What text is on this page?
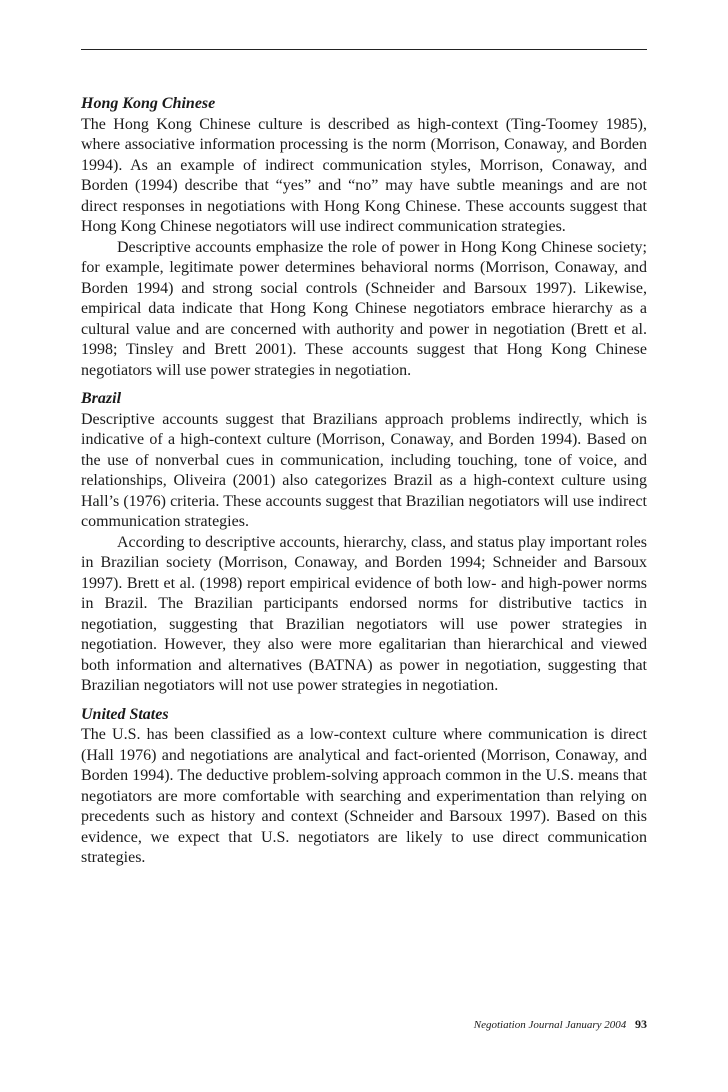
Hong Kong Chinese

The Hong Kong Chinese culture is described as high-context (Ting-Toomey 1985), where associative information processing is the norm (Morrison, Conaway, and Borden 1994). As an example of indirect communication styles, Morrison, Conaway, and Borden (1994) describe that “yes” and “no” may have subtle meanings and are not direct responses in negotiations with Hong Kong Chinese. These accounts suggest that Hong Kong Chinese negotiators will use indirect communication strategies.

Descriptive accounts emphasize the role of power in Hong Kong Chinese society; for example, legitimate power determines behavioral norms (Morrison, Conaway, and Borden 1994) and strong social controls (Schneider and Barsoux 1997). Likewise, empirical data indicate that Hong Kong Chinese negotiators embrace hierarchy as a cultural value and are concerned with authority and power in negotiation (Brett et al. 1998; Tinsley and Brett 2001). These accounts suggest that Hong Kong Chinese negotiators will use power strategies in negotiation.

Brazil

Descriptive accounts suggest that Brazilians approach problems indirectly, which is indicative of a high-context culture (Morrison, Conaway, and Borden 1994). Based on the use of nonverbal cues in communication, including touching, tone of voice, and relationships, Oliveira (2001) also categorizes Brazil as a high-context culture using Hall’s (1976) criteria. These accounts suggest that Brazilian negotiators will use indirect communication strategies.

According to descriptive accounts, hierarchy, class, and status play important roles in Brazilian society (Morrison, Conaway, and Borden 1994; Schneider and Barsoux 1997). Brett et al. (1998) report empirical evidence of both low- and high-power norms in Brazil. The Brazilian participants endorsed norms for distributive tactics in negotiation, suggesting that Brazilian negotiators will use power strategies in negotiation. However, they also were more egalitarian than hierarchical and viewed both information and alternatives (BATNA) as power in negotiation, suggesting that Brazilian negotiators will not use power strategies in negotiation.

United States

The U.S. has been classified as a low-context culture where communication is direct (Hall 1976) and negotiations are analytical and fact-oriented (Morrison, Conaway, and Borden 1994). The deductive problem-solving approach common in the U.S. means that negotiators are more comfortable with searching and experimentation than relying on precedents such as history and context (Schneider and Barsoux 1997). Based on this evidence, we expect that U.S. negotiators are likely to use direct communication strategies.

Negotiation Journal January 2004 93
